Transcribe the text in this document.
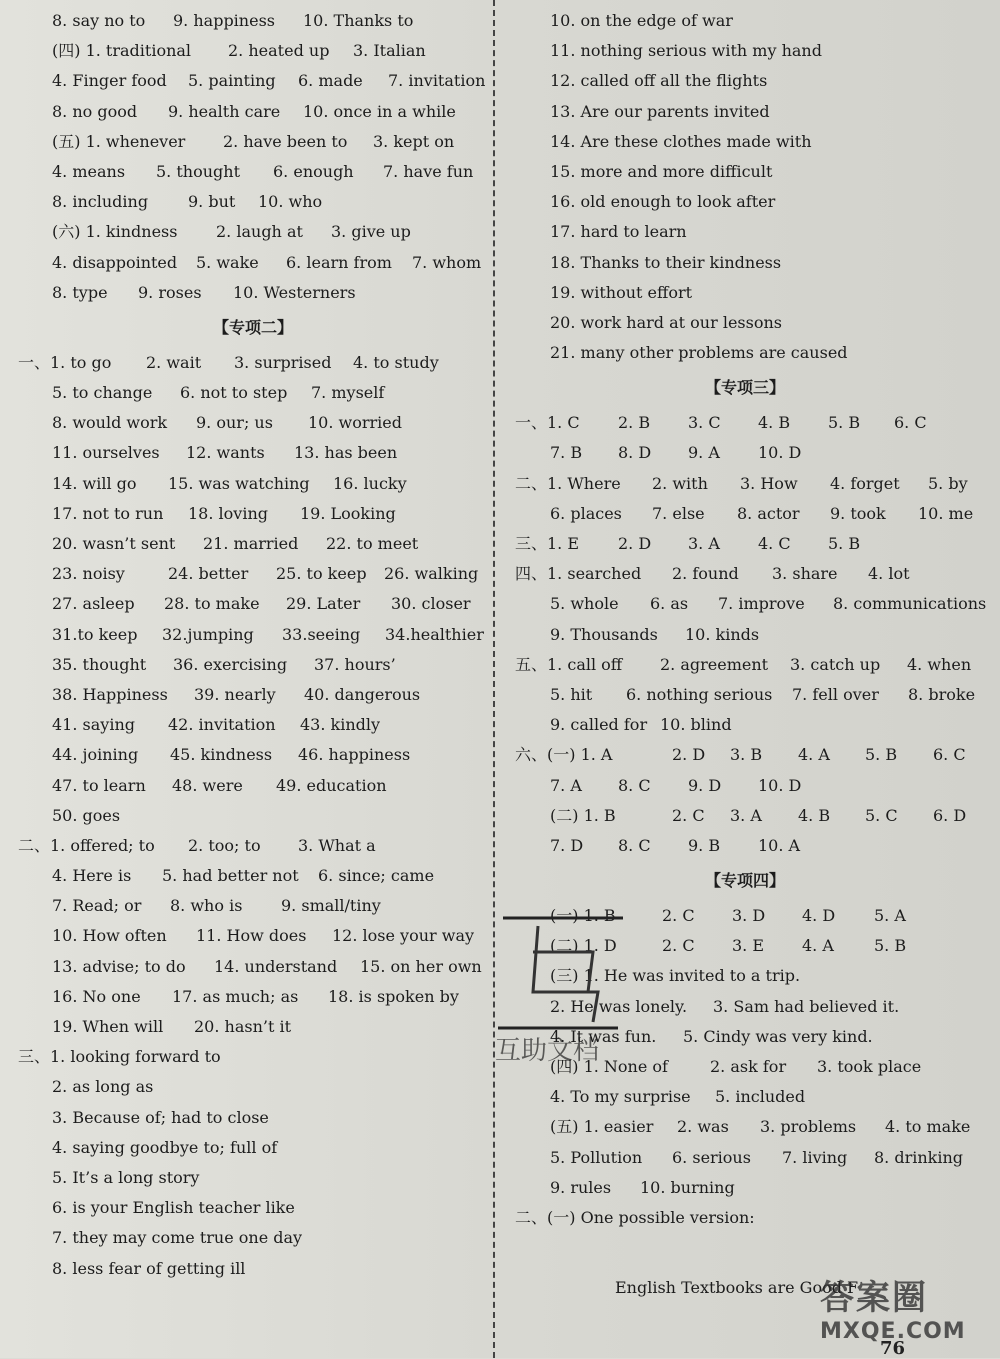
8. say no to 9. happiness 10. Thanks to
(四) 1. traditional 2. heated up 3. Italian
4. Finger food 5. painting 6. made 7. invitation
8. no good 9. health care 10. once in a while
(五) 1. whenever 2. have been to 3. kept on
4. means 5. thought 6. enough 7. have fun
8. including 9. but 10. who
(六) 1. kindness 2. laugh at 3. give up
4. disappointed 5. wake 6. learn from 7. whom
8. type 9. roses 10. Westerners
【专项二】
一、1. to go 2. wait 3. surprised 4. to study
5. to change 6. not to step 7. myself
8. would work 9. our; us 10. worried
11. ourselves 12. wants 13. has been
14. will go 15. was watching 16. lucky
17. not to run 18. loving 19. Looking
20. wasn’t sent 21. married 22. to meet
23. noisy	24. better 25. to keep 26. walking
27. asleep 28. to make 29. Later 30. closer
31.to keep 32.jumping 33.seeing 34.healthier
35. thought 36. exercising 37. hours’
38. Happiness 39. nearly 40. dangerous
41. saying 42. invitation 43. kindly
44. joining 45. kindness 46. happiness
47. to learn 48. were 49. education
50. goes
二、1. offered; to 2. too; to 3. What a
4. Here is 5. had better not 6. since; came
7. Read; or 8. who is 9. small/tiny
10. How often 11. How does 12. lose your way
13. advise; to do 14. understand 15. on her own
16. No one 17. as much; as 18. is spoken by
19. When will 20. hasn’t it
三、1. looking forward to
2. as long as
3. Because of; had to close
4. saying goodbye to; full of
5. It’s a long story
6. is your English teacher like
7. they may come true one day
8. less fear of getting ill
10. on the edge of war
11. nothing serious with my hand
12. called off all the flights
13. Are our parents invited
14. Are these clothes made with
15. more and more difficult
16. old enough to look after
17. hard to learn
18. Thanks to their kindness
19. without effort
20. work hard at our lessons
21. many other problems are caused
【专项三】
一、1. C 2. B 3. C 4. B 5. B 6. C
7. B 8. D 9. A 10. D
二、1. Where 2. with 3. How 4. forget 5. by
6. places 7. else 8. actor 9. took 10. me
三、1. E 2. D 3. A 4. C 5. B
四、1. searched 2. found 3. share 4. lot
5. whole 6. as 7. improve 8. communications
9. Thousands 10. kinds
五、1. call off 2. agreement 3. catch up 4. when
5. hit 6. nothing serious 7. fell over 8. broke
9. called for 10. blind
六、(一) 1. A	2. D 3. B 4. A 5. B 6. C
7. A 8. C 9. D 10. D
(二) 1. B	2. C 3. A 4. B 5. C 6. D
7. D 8. C 9. B 10. A
【专项四】
(一) 1. B	2. C 3. D 4. D 5. A
(二) 1. D	2. C 3. E 4. A	5. B
(三) 1. He was invited to a trip.
2. He was lonely. 3. Sam had believed it.
4. It was fun. 5. Cindy was very kind.
(四) 1. None of	2. ask for 3. took place
4. To my surprise 5. included
(五) 1. easier 2. was 3. problems 4. to make
5. Pollution 6. serious 7. living 8. drinking
9. rules 10. burning
二、(一) One possible version:
互助文档
English Textbooks are Good F
答案圈
MXQE.COM
76
